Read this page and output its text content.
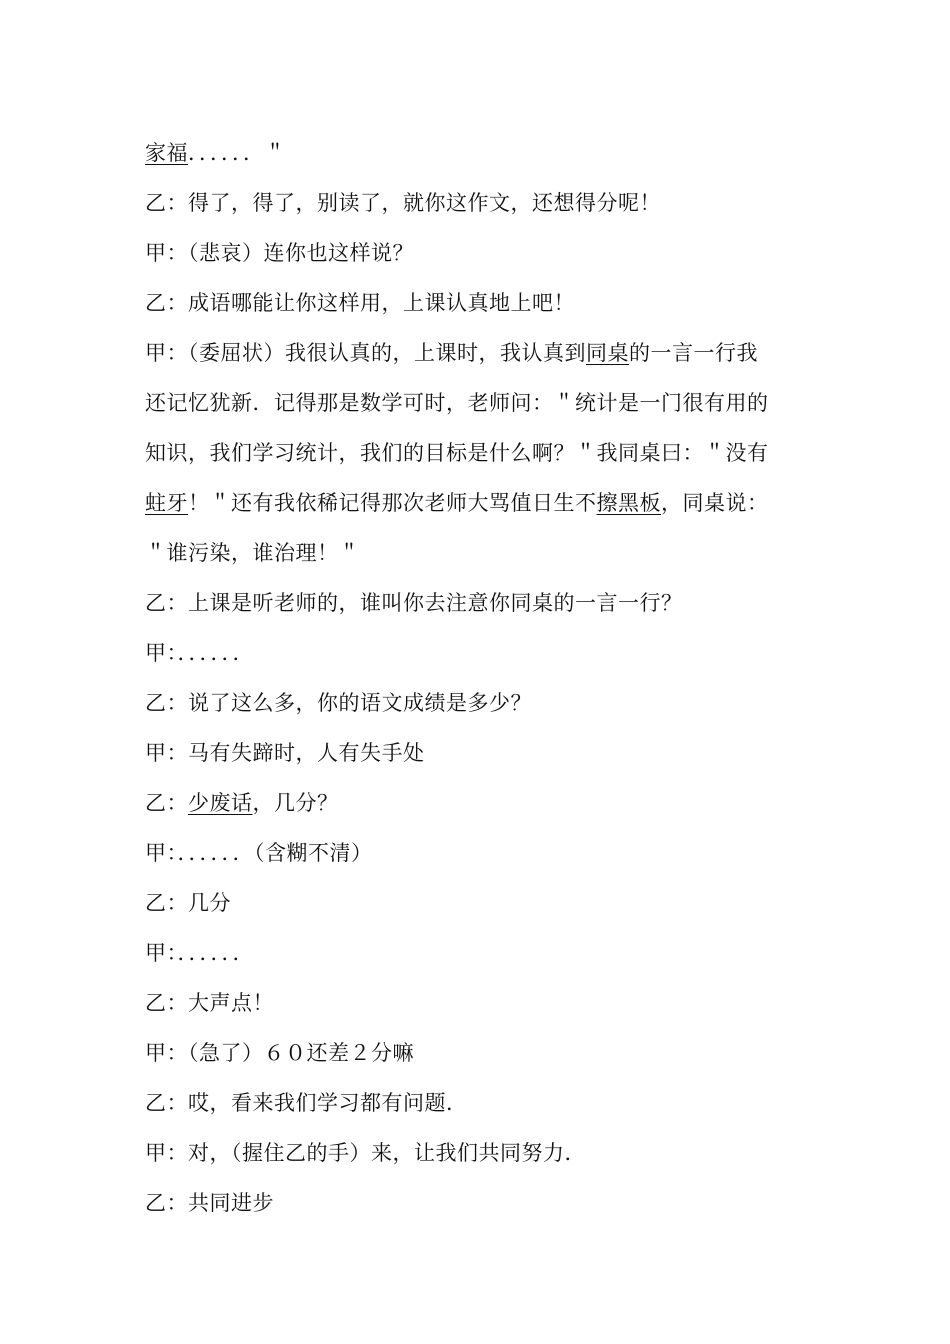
家福．．．．．．＂
乙：得了，得了，别读了，就你这作文，还想得分呢！
甲：（悲哀）连你也这样说？
乙：成语哪能让你这样用，上课认真地上吧！
甲：（委屈状）我很认真的，上课时，我认真到同桌的一言一行我
还记忆犹新．记得那是数学可时，老师问：＂统计是一门很有用的
知识，我们学习统计，我们的目标是什么啊？＂我同桌曰：＂没有
蛀牙！＂还有我依稀记得那次老师大骂值日生不擦黑板，同桌说：
＂谁污染，谁治理！＂
乙：上课是听老师的，谁叫你去注意你同桌的一言一行？
甲：．．．．．．
乙：说了这么多，你的语文成绩是多少？
甲：马有失蹄时，人有失手处
乙：少废话，几分？
甲：．．．．．．（含糊不清）
乙：几分
甲：．．．．．．
乙：大声点！
甲：（急了）６０还差２分嘛
乙：哎，看来我们学习都有问题．
甲：对，（握住乙的手）来，让我们共同努力．
乙：共同进步
